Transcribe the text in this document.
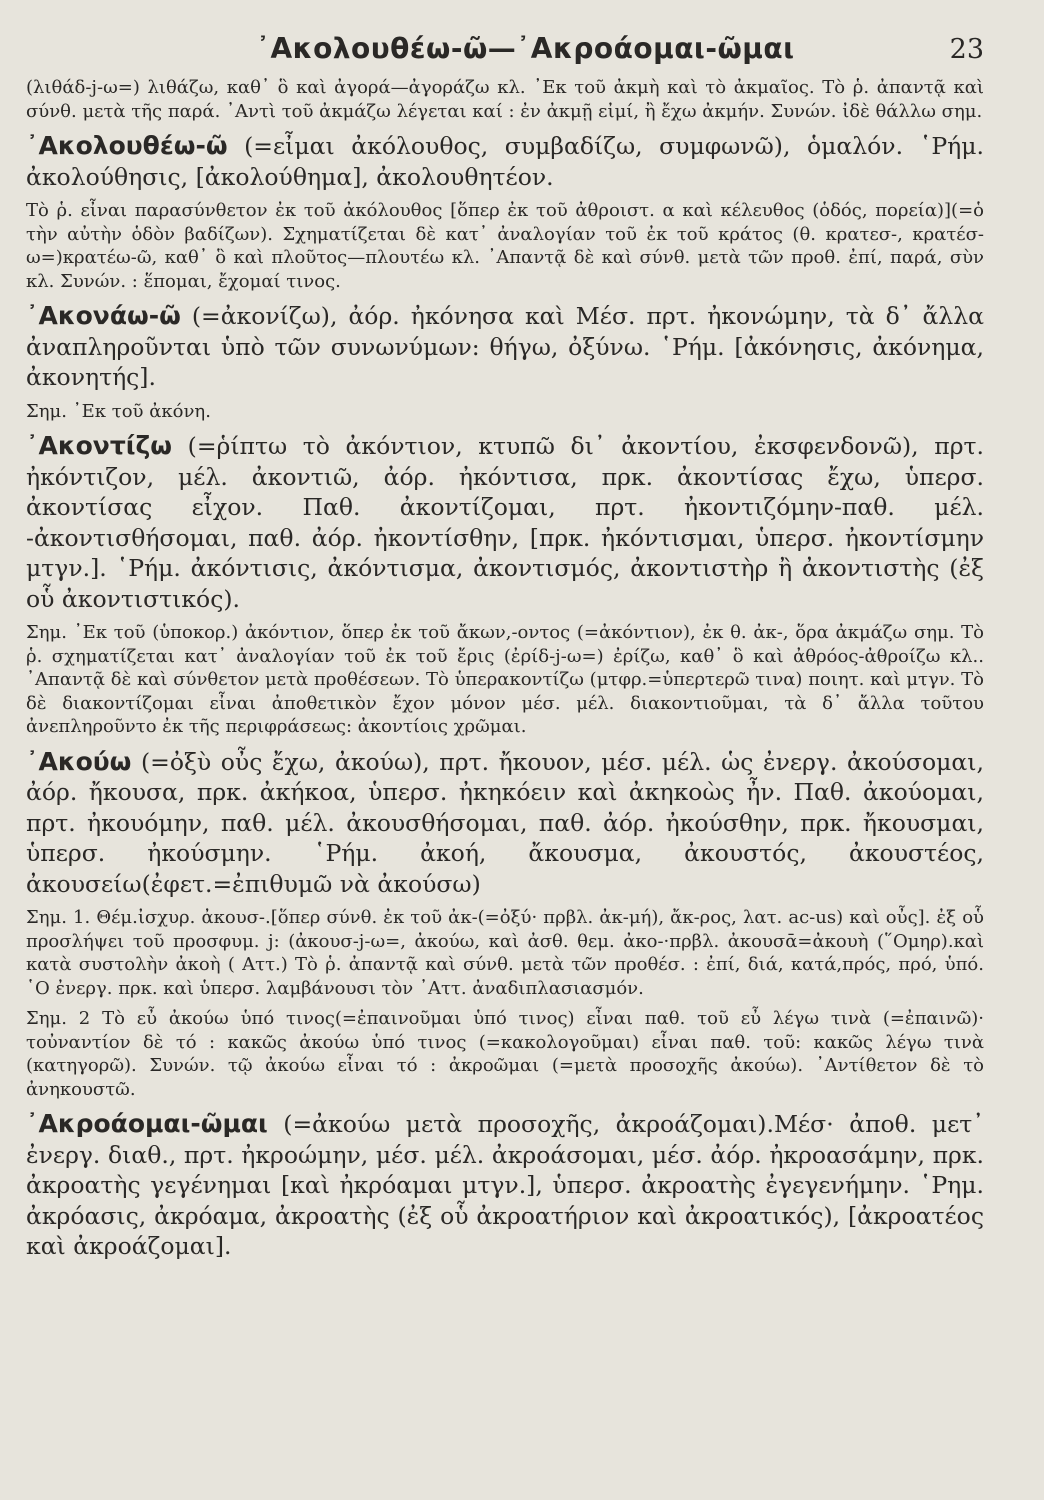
᾿Ακολουθέω-ῶ—᾿Ακροάομαι-ῶμαι	23

(λιθάδ-j-ω=) λιθάζω, καθ᾿ ὃ καὶ ἀγορά—ἀγοράζω κλ. ᾿Εκ τοῦ ἀκμὴ καὶ τὸ ἀκμαῖος. Τὸ ῥ. ἀπαντᾷ καὶ σύνθ. μετὰ τῆς παρά. ᾿Αντὶ τοῦ ἀκμάζω λέγεται καί : ἐν ἀκμῇ εἰμί, ἢ ἔχω ἀκμήν. Συνών. ἰδὲ θάλλω σημ.

᾿Ακολουθέω-ῶ (=εἶμαι ἀκόλουθος, συμβαδίζω, συμφωνῶ), ὁμαλόν. ῾Ρήμ. ἀκολούθησις, [ἀκολούθημα], ἀκολουθητέον.

Τὸ ῥ. εἶναι παρασύνθετον ἐκ τοῦ ἀκόλουθος [ὅπερ ἐκ τοῦ ἀθροιστ. α καὶ κέλευθος (ὁδός, πορεία)](=ὁ τὴν αὐτὴν ὁδὸν βαδίζων). Σχηματίζεται δὲ κατ᾿ ἀναλογίαν τοῦ ἐκ τοῦ κράτος (θ. κρατεσ-, κρατέσ-ω=)κρατέω-ῶ, καθ᾿ ὃ καὶ πλοῦτος—πλουτέω κλ. ᾿Απαντᾷ δὲ καὶ σύνθ. μετὰ τῶν προθ. ἐπί, παρά, σὺν κλ. Συνών. : ἕπομαι, ἔχομαί τινος.

᾿Ακονάω-ῶ (=ἀκονίζω), ἀόρ. ἠκόνησα καὶ Μέσ. πρτ. ἠκονώμην, τὰ δ᾿ ἄλλα ἀναπληροῦνται ὑπὸ τῶν συνωνύμων: θήγω, ὀξύνω. ῾Ρήμ. [ἀκόνησις, ἀκόνημα, ἀκονητής].

Σημ. ᾿Εκ τοῦ ἀκόνη.

᾿Ακοντίζω (=ῥίπτω τὸ ἀκόντιον, κτυπῶ δι᾿ ἀκοντίου, ἐκσφενδονῶ), πρτ. ἠκόντιζον, μέλ. ἀκοντιῶ, ἀόρ. ἠκόντισα, πρκ. ἀκοντίσας ἔχω, ὑπερσ. ἀκοντίσας εἶχον. Παθ. ἀκοντίζομαι, πρτ. ἠκοντιζόμην-παθ. μέλ. -ἀκοντισθήσομαι, παθ. ἀόρ. ἠκοντίσθην, [πρκ. ἠκόντισμαι, ὑπερσ. ἠκοντίσμην μτγν.]. ῾Ρήμ. ἀκόντισις, ἀκόντισμα, ἀκοντισμός, ἀκοντιστὴρ ἢ ἀκοντιστὴς (ἐξ οὗ ἀκοντιστικός).

Σημ. ᾿Εκ τοῦ (ὑποκορ.) ἀκόντιον, ὅπερ ἐκ τοῦ ἄκων,-οντος (=ἀκόντιον), ἐκ θ. ἀκ-, ὅρα ἀκμάζω σημ. Τὸ ῥ. σχηματίζεται κατ᾿ ἀναλογίαν τοῦ ἐκ τοῦ ἔρις (ἐρίδ-j-ω=) ἐρίζω, καθ᾿ ὃ καὶ ἀθρόος-ἀθροίζω κλ.. ᾿Απαντᾷ δὲ καὶ σύνθετον μετὰ προθέσεων. Τὸ ὑπερακοντίζω (μτφρ.=ὑπερτερῶ τινα) ποιητ. καὶ μτγν. Τὸ δὲ διακοντίζομαι εἶναι ἀποθετικὸν ἔχον μόνον μέσ. μέλ. διακοντιοῦμαι, τὰ δ᾿ ἄλλα τοῦτου ἀνεπληροῦντο ἐκ τῆς περιφράσεως: ἀκοντίοις χρῶμαι.

᾿Ακούω (=ὀξὺ οὖς ἔχω, ἀκούω), πρτ. ἤκουον, μέσ. μέλ. ὡς ἐνεργ. ἀκούσομαι, ἀόρ. ἤκουσα, πρκ. ἀκήκοα, ὑπερσ. ἠκηκόειν καὶ ἀκηκοὼς ἦν. Παθ. ἀκούομαι, πρτ. ἠκουόμην, παθ. μέλ. ἀκουσθήσομαι, παθ. ἀόρ. ἠκούσθην, πρκ. ἤκουσμαι, ὑπερσ. ἠκούσμην. ῾Ρήμ. ἀκοή, ἄκουσμα, ἀκουστός, ἀκουστέος, ἀκουσείω(ἐφετ.=ἐπιθυμῶ νὰ ἀκούσω)

Σημ. 1. Θέμ.ἰσχυρ. ἀκουσ-.[ὅπερ σύνθ. ἐκ τοῦ ἀκ-(=ὀξύ· πρβλ. ἀκ-μή), ἄκ-ρος, λατ. ac-us) καὶ οὖς]. ἐξ οὗ προσλήψει τοῦ προσφυμ. j: (ἀκουσ-j-ω=, ἀκούω, καὶ ἀσθ. θεμ. ἀκο-·πρβλ. ἀκουσᾱ=ἀκουὴ (῞Ομηρ).καὶ κατὰ συστολὴν ἀκοὴ ( Αττ.) Τὸ ῥ. ἀπαντᾷ καὶ σύνθ. μετὰ τῶν προθέσ. : ἐπί, διά, κατά,πρός, πρό, ὑπό. ῾Ο ἐνεργ. πρκ. καὶ ὑπερσ. λαμβάνουσι τὸν ᾿Αττ. ἀναδιπλασιασμόν.

Σημ. 2 Τὸ εὖ ἀκούω ὑπό τινος(=ἐπαινοῦμαι ὑπό τινος) εἶναι παθ. τοῦ εὖ λέγω τινὰ (=ἐπαινῶ)· τοὐναντίον δὲ τό : κακῶς ἀκούω ὑπό τινος (=κακολογοῦμαι) εἶναι παθ. τοῦ: κακῶς λέγω τινὰ (κατηγορῶ). Συνών. τῷ ἀκούω εἶναι τό : ἀκροῶμαι (=μετὰ προσοχῆς ἀκούω). ᾿Αντίθετον δὲ τὸ ἀνηκουστῶ.

᾿Ακροάομαι-ῶμαι (=ἀκούω μετὰ προσοχῆς, ἀκροάζομαι).Μέσ· ἀποθ. μετ᾿ ἐνεργ. διαθ., πρτ. ἠκροώμην, μέσ. μέλ. ἀκροάσομαι, μέσ. ἀόρ. ἠκροασάμην, πρκ. ἀκροατὴς γεγένημαι [καὶ ἠκρόαμαι μτγν.], ὑπερσ. ἀκροατὴς ἐγεγενήμην. ῾Ρημ. ἀκρόασις, ἀκρόαμα, ἀκροατὴς (ἐξ οὗ ἀκροατήριον καὶ ἀκροατικός), [ἀκροατέος καὶ ἀκροάζομαι].
